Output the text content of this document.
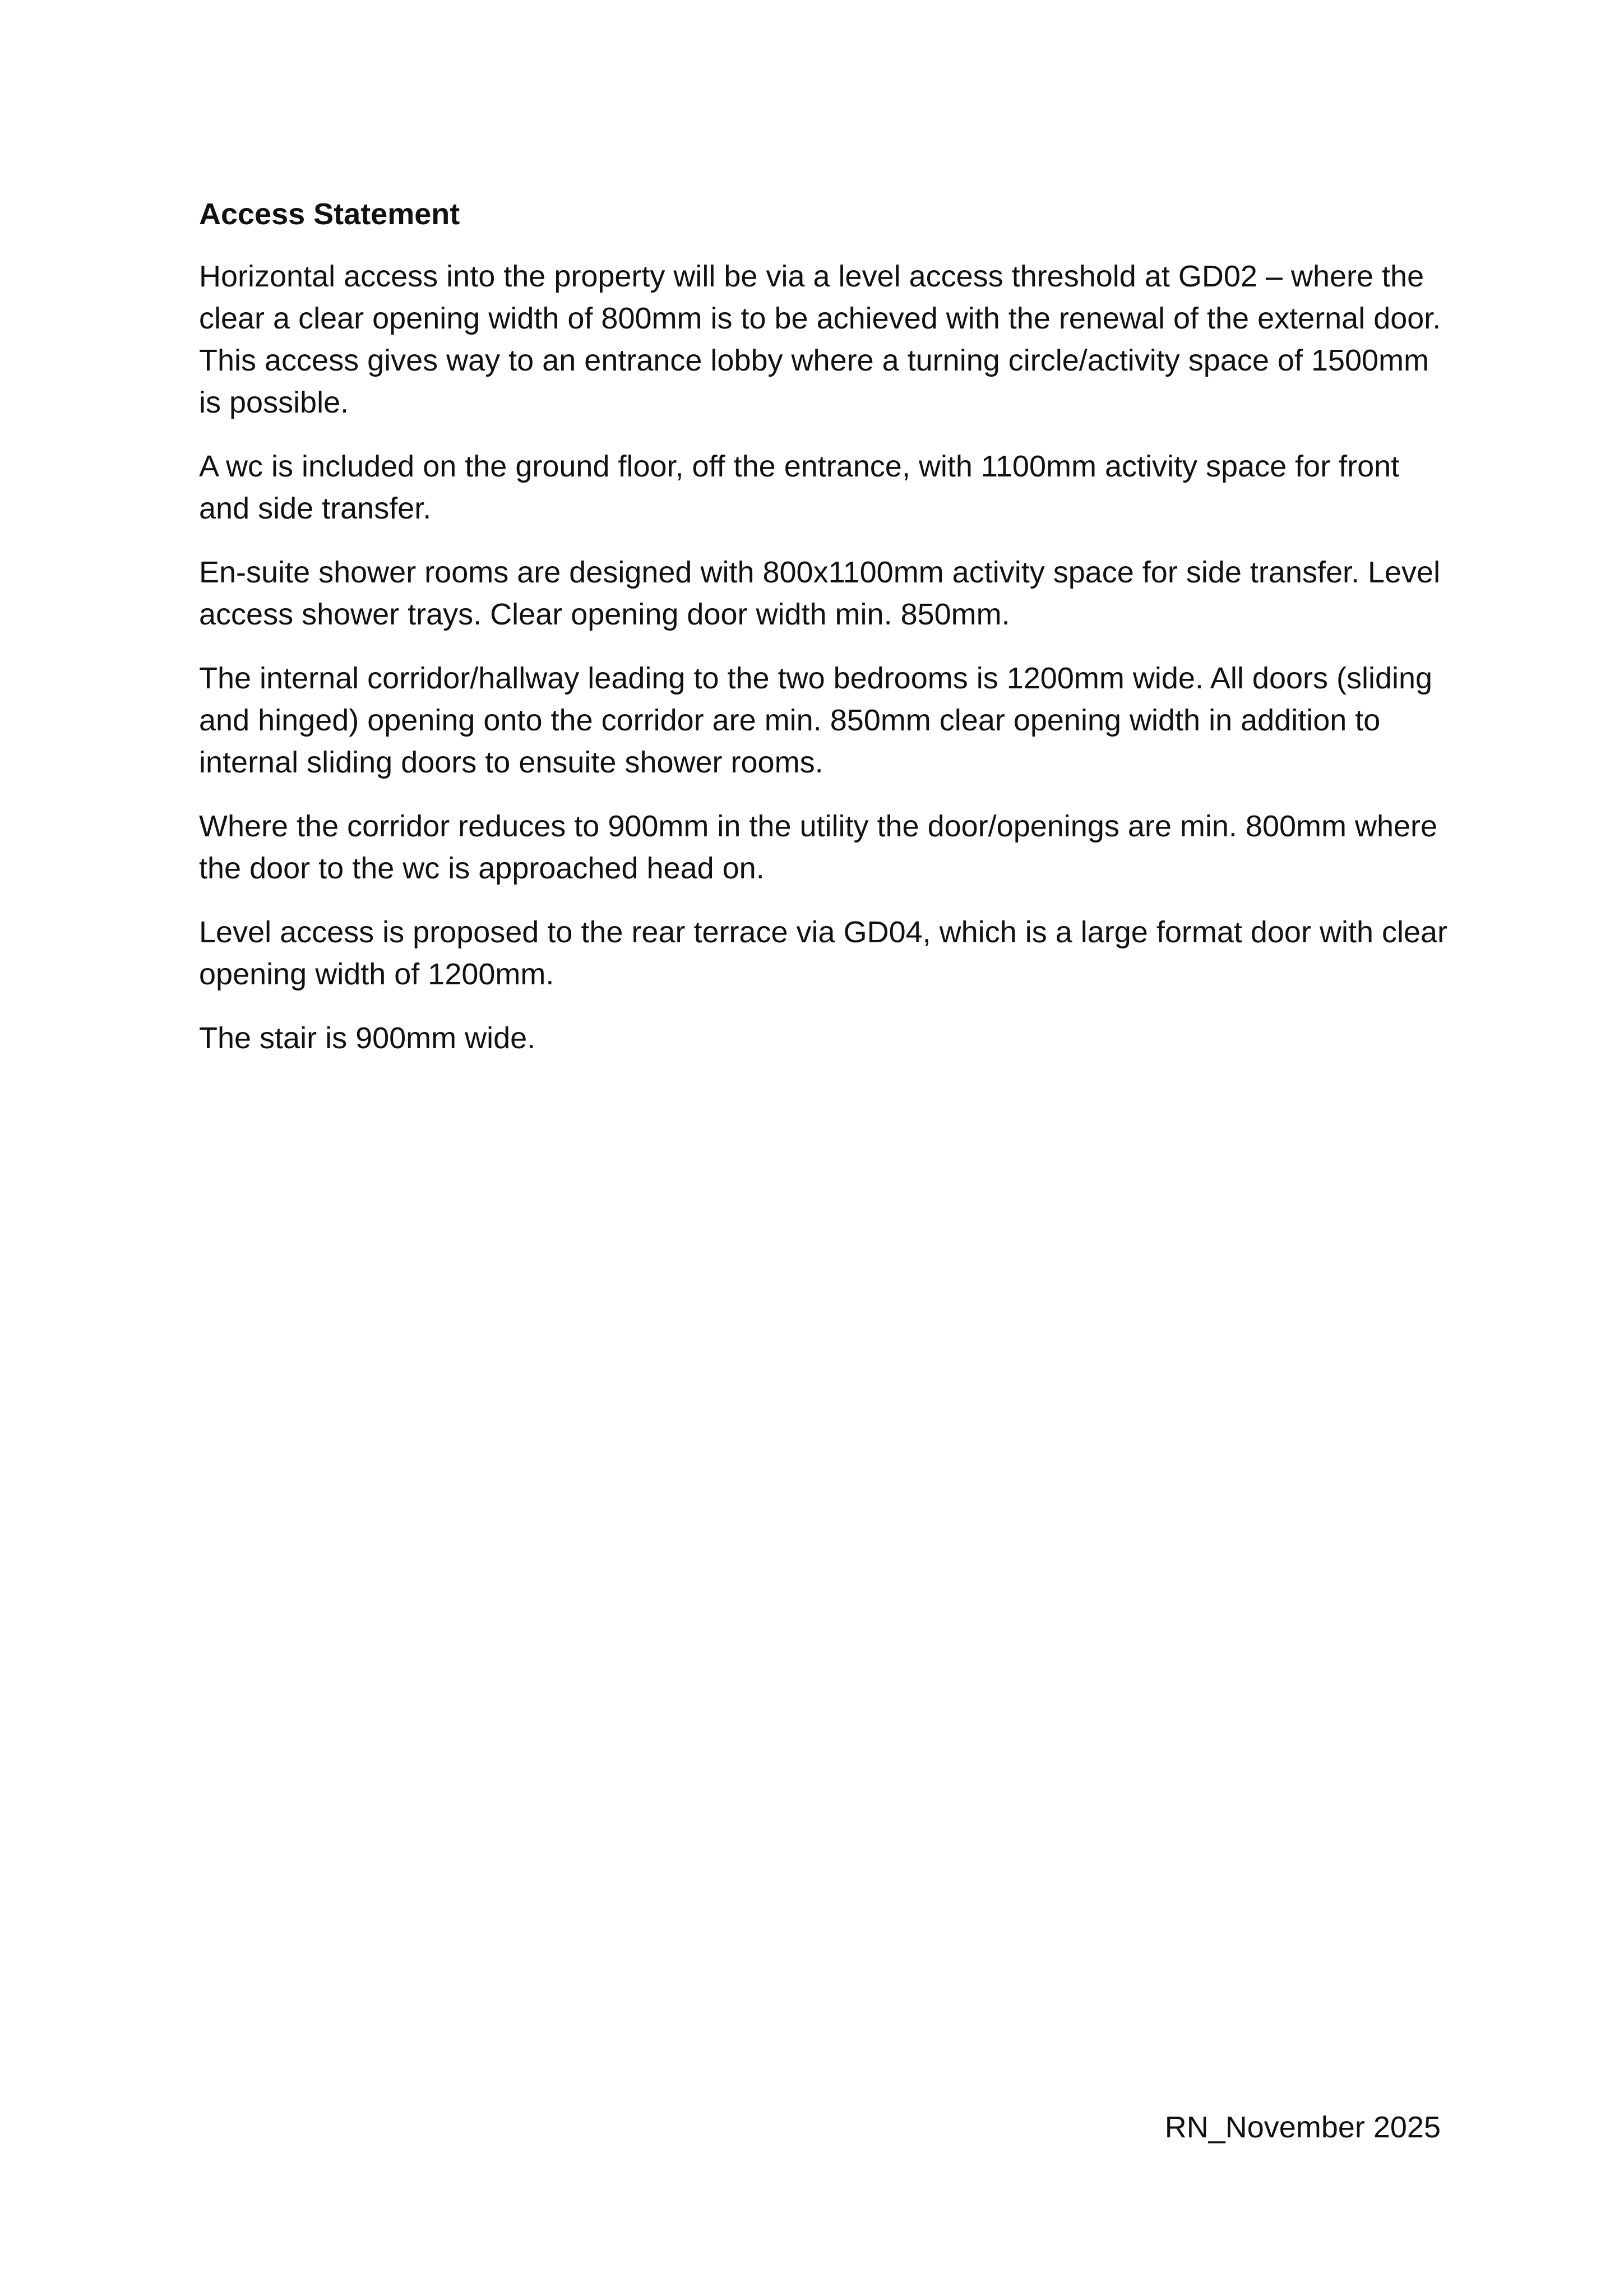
Access Statement

Horizontal access into the property will be via a level access threshold at GD02 – where the clear a clear opening width of 800mm is to be achieved with the renewal of the external door. This access gives way to an entrance lobby where a turning circle/activity space of 1500mm is possible.

A wc is included on the ground floor, off the entrance, with 1100mm activity space for front and side transfer.

En-suite shower rooms are designed with 800x1100mm activity space for side transfer. Level access shower trays. Clear opening door width min. 850mm.

The internal corridor/hallway leading to the two bedrooms is 1200mm wide. All doors (sliding and hinged) opening onto the corridor are min. 850mm clear opening width in addition to internal sliding doors to ensuite shower rooms.

Where the corridor reduces to 900mm in the utility the door/openings are min. 800mm where the door to the wc is approached head on.

Level access is proposed to the rear terrace via GD04, which is a large format door with clear opening width of 1200mm.

The stair is 900mm wide.

RN_November 2025
